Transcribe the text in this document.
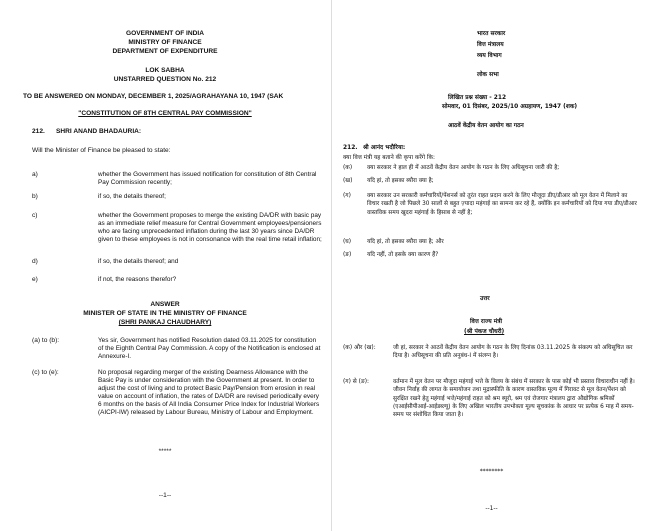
GOVERNMENT OF INDIA
MINISTRY OF FINANCE
DEPARTMENT OF EXPENDITURE
LOK SABHA
UNSTARRED QUESTION No. 212
TO BE ANSWERED ON MONDAY, DECEMBER 1, 2025/AGRAHAYANA 10, 1947 (SAK
"CONSTITUTION OF 8TH CENTRAL PAY COMMISSION"
212. SHRI ANAND BHADAURIA:
Will the Minister of Finance be pleased to state:
a)	whether the Government has issued notification for constitution of 8th Central Pay Commission recently;
b)	if so, the details thereof;
c)	whether the Government proposes to merge the existing DA/DR with basic pay as an immediate relief measure for Central Government employees/pensioners who are facing unprecedented inflation during the last 30 years since DA/DR given to these employees is not in consonance with the real time retail inflation;
d)	if so, the details thereof; and
e)	if not, the reasons therefor?
ANSWER
MINISTER OF STATE IN THE MINISTRY OF FINANCE
(SHRI PANKAJ CHAUDHARY)
(a) to (b):	Yes sir, Government has notified Resolution dated 03.11.2025 for constitution of the Eighth Central Pay Commission. A copy of the Notification is enclosed at Annexure-I.
(c) to (e):	No proposal regarding merger of the existing Dearness Allowance with the Basic Pay is under consideration with the Government at present. In order to adjust the cost of living and to protect Basic Pay/Pension from erosion in real value on account of inflation, the rates of DA/DR are revised periodically every 6 months on the basis of All India Consumer Price Index for Industrial Workers (AICPI-IW) released by Labour Bureau, Ministry of Labour and Employment.
*****
--1--
भारत सरकार
वित्त मंत्रालय
व्यय विभाग
लोक सभा
लिखित प्रश्न संख्या - 212
सोमवार, 01 दिसंबर, 2025/10 अग्रहायण, 1947 (शक)
आठवें केंद्रीय वेतन आयोग का गठन
212. श्री आनंद भदौरिया:
क्या वित्त मंत्री यह बताने की कृपा करेंगे कि:
(क)	क्या सरकार ने हाल ही में आठवें केंद्रीय वेतन आयोग के गठन के लिए अधिसूचना जारी की है;
(ख)	यदि हां, तो इसका ब्यौरा क्या है;
(ग)	क्या सरकार उन सरकारी कर्मचारियों/पेंशनर्स को तुरंत राहत प्रदान करने के लिए मौजूदा डीए/डीआर को मूल वेतन में मिलाने का विचार रखती है जो पिछले 30 सालों से बहुत ज़्यादा महंगाई का सामना कर रहे हैं, क्योंकि इन कर्मचारियों को दिया गया डीए/डीआर वास्तविक समय खुदरा महंगाई के हिसाब से नहीं है;
(घ)	यदि हां, तो इसका ब्यौरा क्या है; और
(ङ)	यदि नहीं, तो इसके क्या कारण हैं?
उत्तर
वित्त राज्य मंत्री
(श्री पंकज चौधरी)
(क) और (ख):	जी हां, सरकार ने आठवें केंद्रीय वेतन आयोग के गठन के लिए दिनांक 03.11.2025 के संकल्प को अधिसूचित कर दिया है। अधिसूचना की प्रति अनुबंध-I में संलग्न है।
(ग) से (ङ):	वर्तमान में मूल वेतन पर मौजूदा महंगाई भत्ते के विलय के संबंध में सरकार के पास कोई भी प्रस्ताव विचाराधीन नहीं है। जीवन निर्वाह की लागत के समायोजन तथा मुद्रास्फीति के कारण वास्तविक मूल्य में गिरावट से मूल वेतन/पेंशन को सुरक्षित रखने हेतु महंगाई भत्ते/महंगाई राहत को श्रम ब्यूरो, श्रम एवं रोजगार मंत्रालय द्वारा औद्योगिक श्रमिकों (एआईसीपीआई-आईडब्ल्यू) के लिए अखिल भारतीय उपभोक्ता मूल्य सूचकांक के आधार पर प्रत्येक 6 माह में समय-समय पर संशोधित किया जाता है।
********
--1--
